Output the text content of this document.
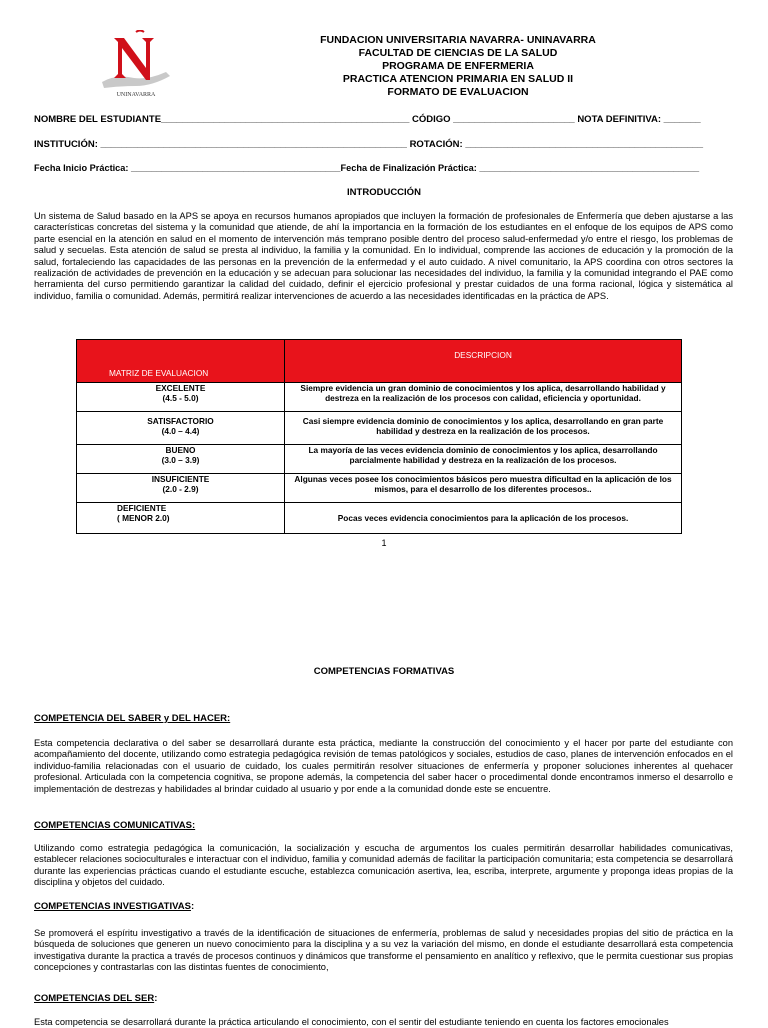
UNINAVARRA
FUNDACION UNIVERSITARIA NAVARRA- UNINAVARRA
FACULTAD DE CIENCIAS DE LA SALUD
PROGRAMA DE ENFERMERIA
PRACTICA ATENCION PRIMARIA EN SALUD II
FORMATO DE EVALUACION
NOMBRE DEL ESTUDIANTE_______________________________________________ CÓDIGO _______________________ NOTA DEFINITIVA: _______
INSTITUCIÓN: __________________________________________________________ ROTACIÓN: _____________________________________________
Fecha Inicio Práctica: _________________________________________Fecha de Finalización Práctica: ___________________________________________
INTRODUCCIÓN
Un sistema de Salud basado en la APS se apoya en recursos humanos apropiados que incluyen la formación de profesionales de Enfermería que deben ajustarse a las características concretas del sistema y la comunidad que atiende, de ahí la importancia en la formación de los estudiantes en el enfoque de los equipos de APS como parte esencial en la atención en salud en el momento de intervención más temprano posible dentro del proceso salud-enfermedad y/o entre el riesgo, los problemas de salud y secuelas. Esta atención de salud se presta al individuo, la familia y la comunidad. En lo individual, comprende las acciones de educación y la promoción de la salud, fortaleciendo las capacidades de las personas en la prevención de la enfermedad y el auto cuidado. A nivel comunitario, la APS coordina con otros sectores la realización de actividades de prevención en la educación y se adecuan para solucionar las necesidades del individuo, la familia y la comunidad integrando el PAE como herramienta del curso permitiendo garantizar la calidad del cuidado, definir el ejercicio profesional y prestar cuidados de una forma racional, lógica y sistemática al individuo, familia o comunidad. Además, permitirá realizar intervenciones de acuerdo a las necesidades identificadas en la práctica de APS.
MATRIZ DE EVALUACION	DESCRIPCION

EXCELENTE
(4.5 - 5.0)	Siempre evidencia un gran dominio de conocimientos y los aplica, desarrollando habilidad y destreza en la realización de los procesos con calidad, eficiencia y oportunidad.

SATISFACTORIO
(4.0 – 4.4)	Casi siempre evidencia dominio de conocimientos y los aplica, desarrollando en gran parte habilidad y destreza en la realización de los procesos.

BUENO
(3.0 – 3.9)	La mayoría de las veces evidencia dominio de conocimientos y los aplica, desarrollando parcialmente habilidad y destreza en la realización de los procesos.

INSUFICIENTE
(2.0 - 2.9)	Algunas veces posee los conocimientos básicos pero muestra dificultad en la aplicación de los mismos, para el desarrollo de los diferentes procesos..

DEFICIENTE
( MENOR 2.0)	Pocas veces evidencia conocimientos para la aplicación de los procesos.
1
COMPETENCIAS FORMATIVAS
COMPETENCIA DEL SABER y DEL HACER:
Esta competencia declarativa o del saber se desarrollará durante esta práctica, mediante la construcción del conocimiento y el hacer por parte del estudiante con acompañamiento del docente, utilizando como estrategia pedagógica revisión de temas patológicos y sociales, estudios de caso, planes de intervención enfocados en el individuo-familia relacionadas con el usuario de cuidado, los cuales permitirán resolver situaciones de enfermería y proponer soluciones inherentes al quehacer profesional. Articulada con la competencia cognitiva, se propone además, la competencia del saber hacer o procedimental donde encontramos inmerso el desarrollo e implementación de destrezas y habilidades al brindar cuidado al usuario y por ende a la comunidad donde este se encuentre.
COMPETENCIAS COMUNICATIVAS:
Utilizando como estrategia pedagógica la comunicación, la socialización y escucha de argumentos los cuales permitirán desarrollar habilidades comunicativas, establecer relaciones socioculturales e interactuar con el individuo, familia y comunidad además de facilitar la participación comunitaria; esta competencia se desarrollará durante las experiencias prácticas cuando el estudiante escuche, establezca comunicación asertiva, lea, escriba, interprete, argumente y proponga ideas propias de la disciplina y objetos del cuidado.
COMPETENCIAS INVESTIGATIVAS:
Se promoverá el espíritu investigativo a través de la identificación de situaciones de enfermería, problemas de salud y necesidades propias del sitio de práctica en la búsqueda de soluciones que generen un nuevo conocimiento para la disciplina y a su vez la variación del mismo, en donde el estudiante desarrollará esta competencia investigativa durante la practica a través de procesos continuos y dinámicos que transforme el pensamiento en analítico y reflexivo, que le permita cuestionar sus propias concepciones y contrastarlas con las distintas fuentes de conocimiento,
COMPETENCIAS DEL SER:
Esta competencia se desarrollará durante la práctica articulando el conocimiento, con el sentir del estudiante teniendo en cuenta los factores emocionales
